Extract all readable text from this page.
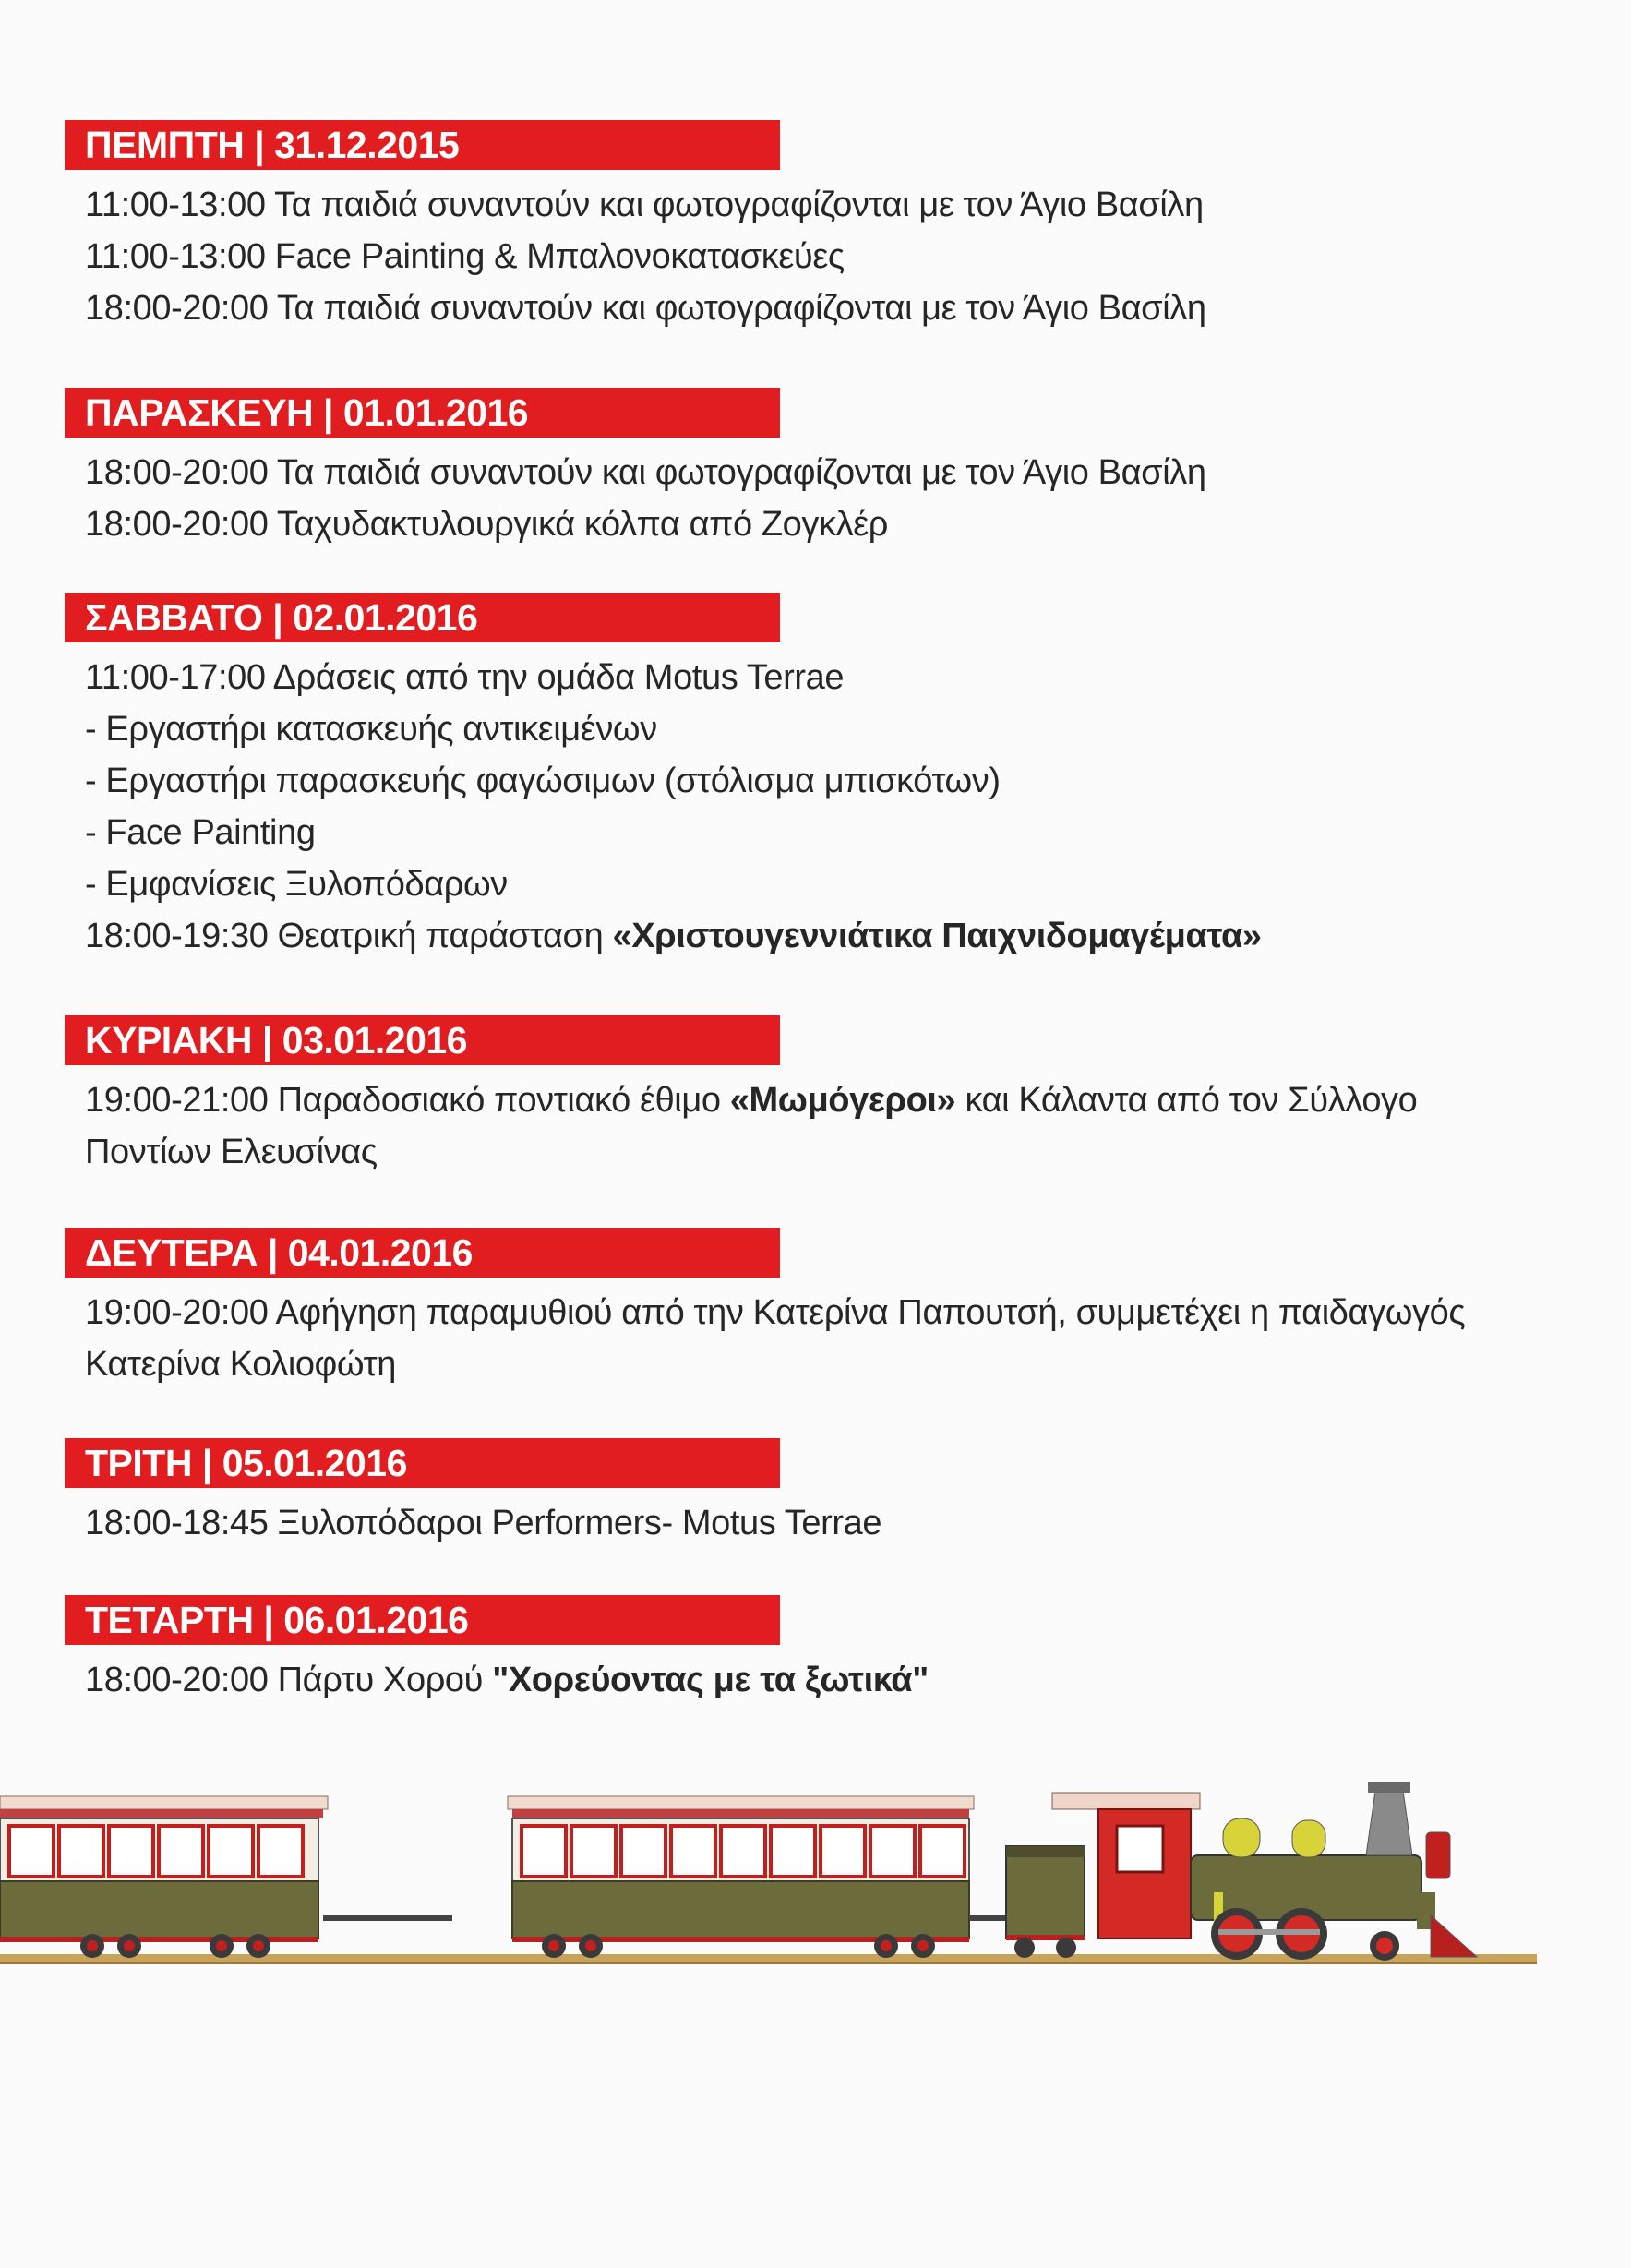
ΠΕΜΠΤΗ | 31.12.2015
11:00-13:00 Τα παιδιά συναντούν και φωτογραφίζονται με τον Άγιο Βασίλη
11:00-13:00 Face Painting & Μπαλονοκατασκεύες
18:00-20:00 Τα παιδιά συναντούν και φωτογραφίζονται με τον Άγιο Βασίλη
ΠΑΡΑΣΚΕΥΗ | 01.01.2016
18:00-20:00 Τα παιδιά συναντούν και φωτογραφίζονται με τον Άγιο Βασίλη
18:00-20:00 Ταχυδακτυλουργικά κόλπα από Ζογκλέρ
ΣΑΒΒΑΤΟ | 02.01.2016
11:00-17:00 Δράσεις από την ομάδα Motus Terrae
- Εργαστήρι κατασκευής αντικειμένων
- Εργαστήρι παρασκευής φαγώσιμων (στόλισμα μπισκότων)
- Face Painting
- Εμφανίσεις Ξυλοπόδαρων
18:00-19:30 Θεατρική παράσταση «Χριστουγεννιάτικα Παιχνιδομαγέματα»
ΚΥΡΙΑΚΗ | 03.01.2016
19:00-21:00 Παραδοσιακό ποντιακό έθιμο «Μωμόγεροι» και Κάλαντα από τον Σύλλογο
Ποντίων Ελευσίνας
ΔΕΥΤΕΡΑ | 04.01.2016
19:00-20:00 Αφήγηση παραμυθιού από την Κατερίνα Παπουτσή, συμμετέχει η παιδαγωγός
Κατερίνα Κολιοφώτη
ΤΡΙΤΗ | 05.01.2016
18:00-18:45 Ξυλοπόδαροι Performers- Motus Terrae
ΤΕΤΑΡΤΗ | 06.01.2016
18:00-20:00 Πάρτυ Χορού "Χορεύοντας με τα ξωτικά"
